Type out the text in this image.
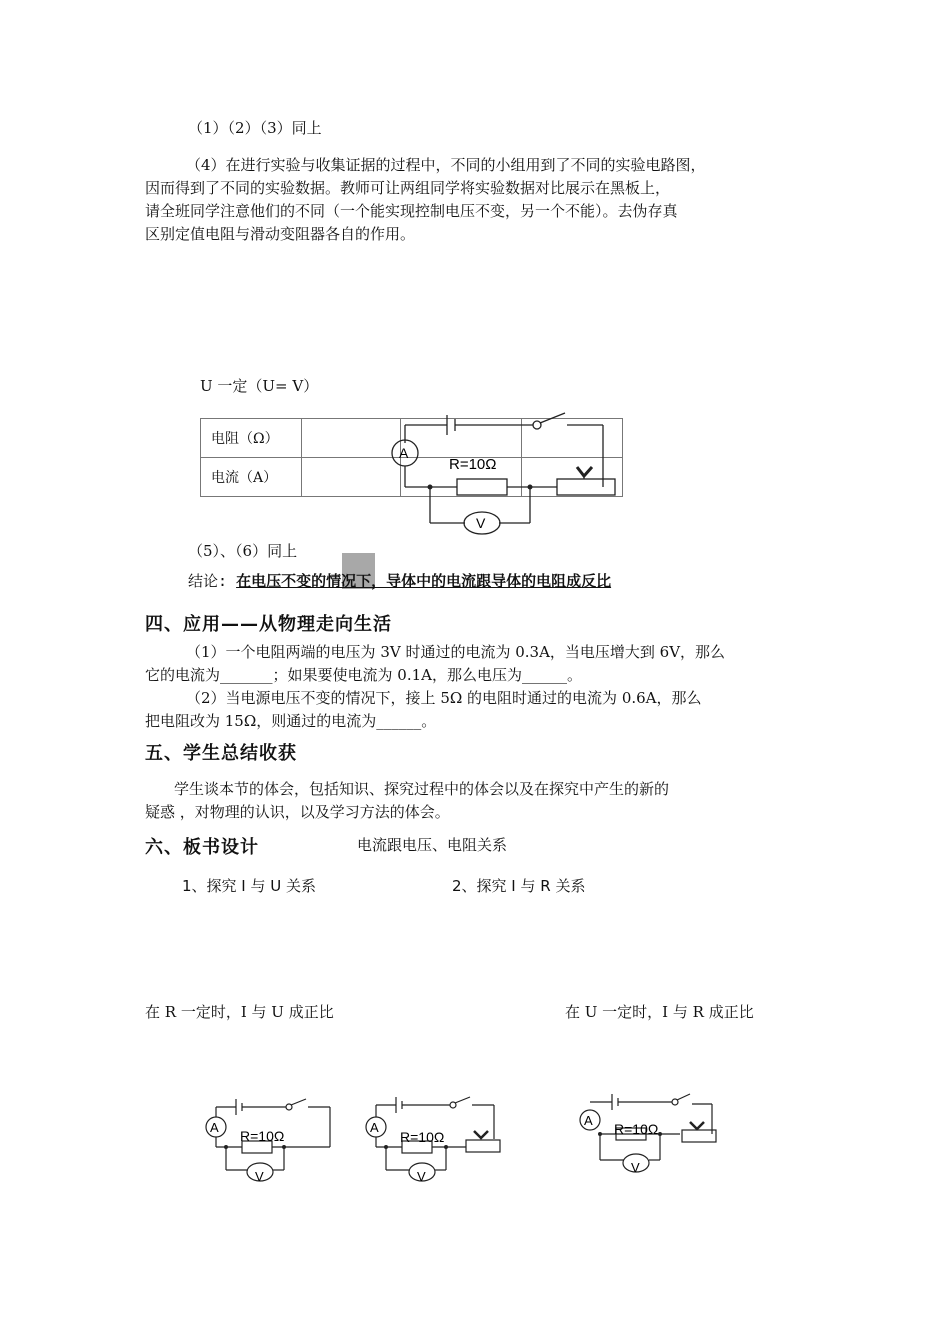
（1）（2）（3）同上
（4）在进行实验与收集证据的过程中，不同的小组用到了不同的实验电路图，
因而得到了不同的实验数据。教师可让两组同学将实验数据对比展示在黑板上，
请全班同学注意他们的不同（一个能实现控制电压不变，另一个不能）。去伪存真
区别定值电阻与滑动变阻器各自的作用。
U 一定（U= V）
电阻（Ω）			
电流（A）			
A
R=10Ω
V
（5）、（6）同上
结论: 在电压不变的情况下，导体中的电流跟导体的电阻成反比
四、应用——从物理走向生活
（1）一个电阻两端的电压为 3V 时通过的电流为 0.3A，当电压增大到 6V，那么
它的电流为_______；如果要使电流为 0.1A，那么电压为______。
（2）当电源电压不变的情况下，接上 5Ω 的电阻时通过的电流为 0.6A，那么
把电阻改为 15Ω，则通过的电流为______。
五、学生总结收获
学生谈本节的体会，包括知识、探究过程中的体会以及在探究中产生的新的
疑惑 ，对物理的认识，以及学习方法的体会。
六、板书设计	电流跟电压、电阻关系
1、探究 I 与 U 关系	2、探究 I 与 R 关系
在 R 一定时，I 与 U 成正比	在 U 一定时，I 与 R 成正比
A
R=10Ω
V
A
R=10Ω
V
A
R=10Ω
V
